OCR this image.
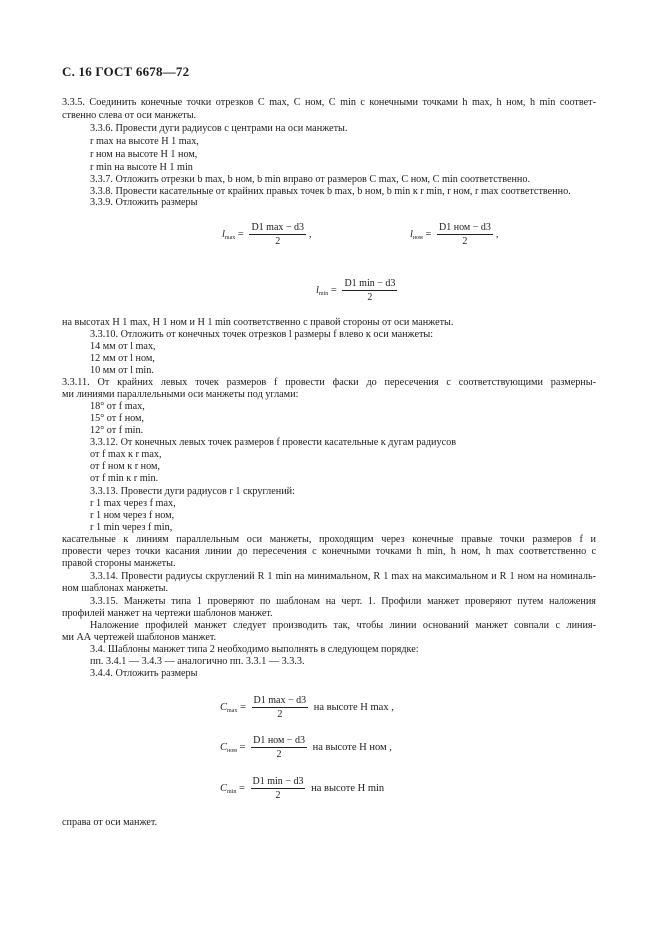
С. 16 ГОСТ 6678—72
3.3.5. Соединить конечные точки отрезков C max, C ном, C min с конечными точками h max, h ном, h min соответ-
ственно слева от оси манжеты.
3.3.6. Провести дуги радиусов с центрами на оси манжеты.
r max на высоте H 1 max,
r ном на высоте H 1 ном,
r min на высоте H 1 min
3.3.7. Отложить отрезки b max, b ном, b min вправо от размеров C max, C ном, C min соответственно.
3.3.8. Провести касательные от крайних правых точек b max, b ном, b min к r min, r ном, r max соответственно.
3.3.9. Отложить размеры
$l_{max} = \frac{D1 \max - d3}{2}$ ,	$l_{ном} = \frac{\text{D1 ном − d3}}{2}$ ,
$l_{min} = \frac{D1 \min - d3}{2}$
на высотах H 1 max, H 1 ном и H 1 min соответственно с правой стороны от оси манжеты.
3.3.10. Отложить от конечных точек отрезков l размеры f влево к оси манжеты:
14 мм от l max,
12 мм от l ном,
10 мм от l min.
3.3.11. От крайних левых точек размеров f провести фаски до пересечения с соответствующими размерны-
ми линиями параллельными оси манжеты под углами:
18° от f max,
15° от f ном,
12° от f min.
3.3.12. От конечных левых точек размеров f провести касательные к дугам радиусов
от f max к r max,
от f ном к r ном,
от f min к r min.
3.3.13. Провести дуги радиусов r 1 скруглений:
r 1 max через f max,
r 1 ном через f ном,
r 1 min через f min,
касательные к линиям параллельным оси манжеты, проходящим через конечные правые точки размеров f и
провести через точки касания линии до пересечения с конечными точками h min, h ном, h max соответственно с
правой стороны манжеты.
3.3.14. Провести радиусы скруглений R 1 min на минимальном, R 1 max на максимальном и R 1 ном на номиналь-
ном шаблонах манжеты.
3.3.15. Манжеты типа 1 проверяют по шаблонам на черт. 1. Профили манжет проверяют путем наложения
профилей манжет на чертежи шаблонов манжет.
Наложение профилей манжет следует производить так, чтобы линии оснований манжет совпали с линия-
ми АА чертежей шаблонов манжет.
3.4. Шаблоны манжет типа 2 необходимо выполнять в следующем порядке:
пп. 3.4.1 — 3.4.3 — аналогично пп. 3.3.1 — 3.3.3.
3.4.4. Отложить размеры
$C_{max} = \frac{D1 \max - d3}{2}$ на высоте H max ,
$C_{ном} = \frac{\text{D1 ном − d3}}{2}$ на высоте H ном ,
$C_{min} = \frac{D1 \min - d3}{2}$ на высоте H min
справа от оси манжет.
